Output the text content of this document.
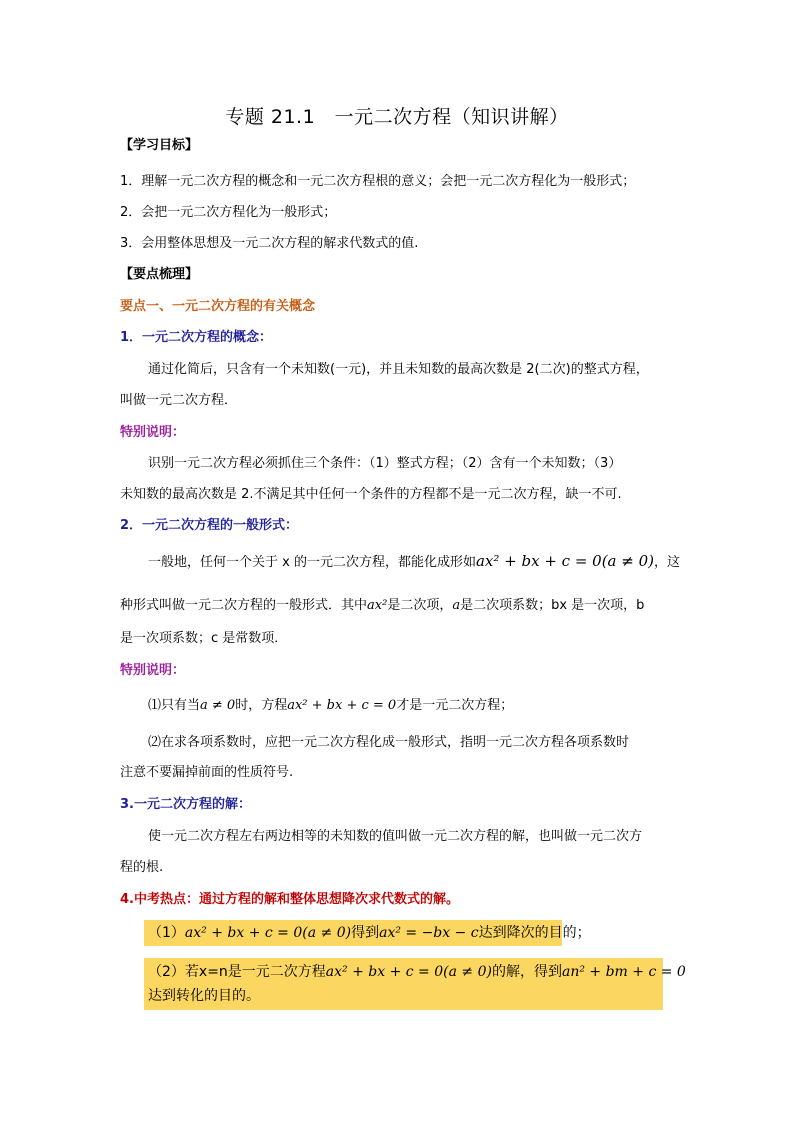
专题 21.1　一元二次方程（知识讲解）
【学习目标】
1．理解一元二次方程的概念和一元二次方程根的意义；会把一元二次方程化为一般形式；
2．会把一元二次方程化为一般形式；
3．会用整体思想及一元二次方程的解求代数式的值.
【要点梳理】
要点一、一元二次方程的有关概念
1．一元二次方程的概念：
通过化简后，只含有一个未知数(一元)，并且未知数的最高次数是 2(二次)的整式方程，
叫做一元二次方程．
特别说明：
识别一元二次方程必须抓住三个条件：（1）整式方程；（2）含有一个未知数；（3）
未知数的最高次数是 2.不满足其中任何一个条件的方程都不是一元二次方程，缺一不可.
2．一元二次方程的一般形式：
一般地，任何一个关于 x 的一元二次方程，都能化成形如ax² + bx + c = 0(a ≠ 0)，这
种形式叫做一元二次方程的一般形式．其中ax²是二次项，a是二次项系数；bx 是一次项，b
是一次项系数；c 是常数项．
特别说明：
⑴只有当a ≠ 0时，方程ax² + bx + c = 0才是一元二次方程；
⑵在求各项系数时，应把一元二次方程化成一般形式，指明一元二次方程各项系数时
注意不要漏掉前面的性质符号.
3.一元二次方程的解：
使一元二次方程左右两边相等的未知数的值叫做一元二次方程的解，也叫做一元二次方
程的根.
4.中考热点：通过方程的解和整体思想降次求代数式的解。
（1）ax² + bx + c = 0(a ≠ 0)得到ax² = −bx − c达到降次的目的；
（2）若x=n是一元二次方程ax² + bx + c = 0(a ≠ 0)的解，得到an² + bm + c = 0
达到转化的目的。
